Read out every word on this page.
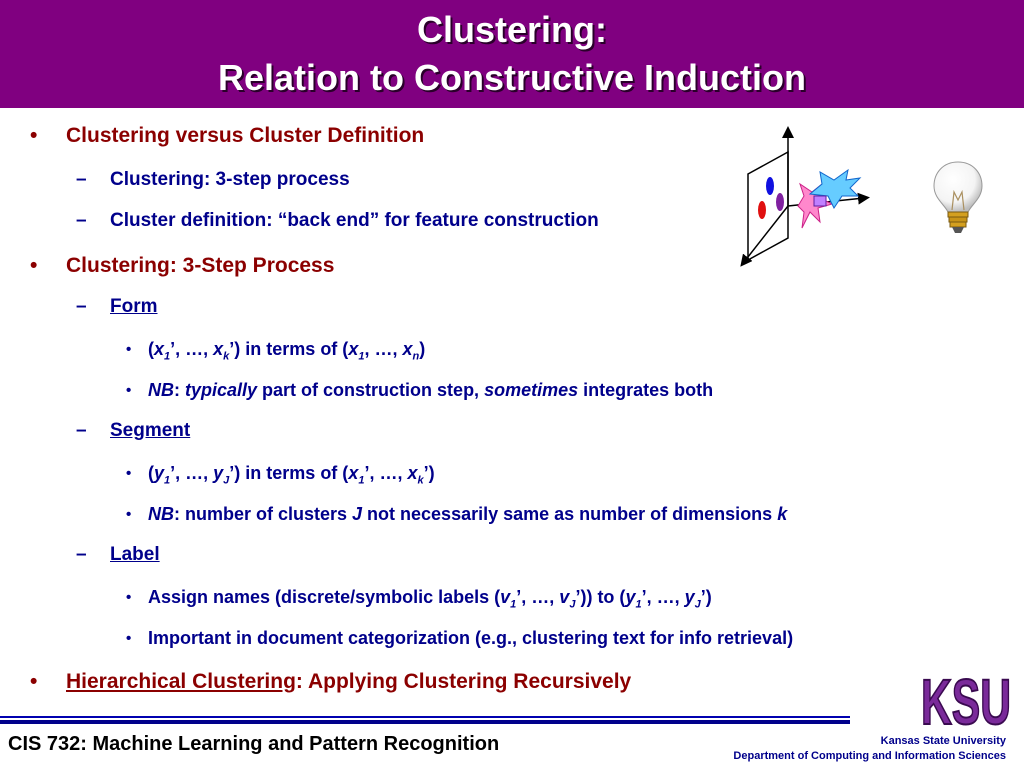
Clustering:
Relation to Constructive Induction
• Clustering versus Cluster Definition
– Clustering: 3-step process
– Cluster definition: “back end” for feature construction
• Clustering: 3-Step Process
– Form
• ($x_1$’, …, $x_k$’) in terms of ($x_1$, …, $x_n$)
• NB: typically part of construction step, sometimes integrates both
– Segment
• ($y_1$’, …, $y_J$’) in terms of ($x_1$’, …, $x_k$’)
• NB: number of clusters J not necessarily same as number of dimensions k
– Label
• Assign names (discrete/symbolic labels ($v_1$’, …, $v_J$’)) to ($y_1$’, …, $y_J$’)
• Important in document categorization (e.g., clustering text for info retrieval)
• Hierarchical Clustering: Applying Clustering Recursively
CIS 732: Machine Learning and Pattern Recognition
KSU
Kansas State University
Department of Computing and Information Sciences
